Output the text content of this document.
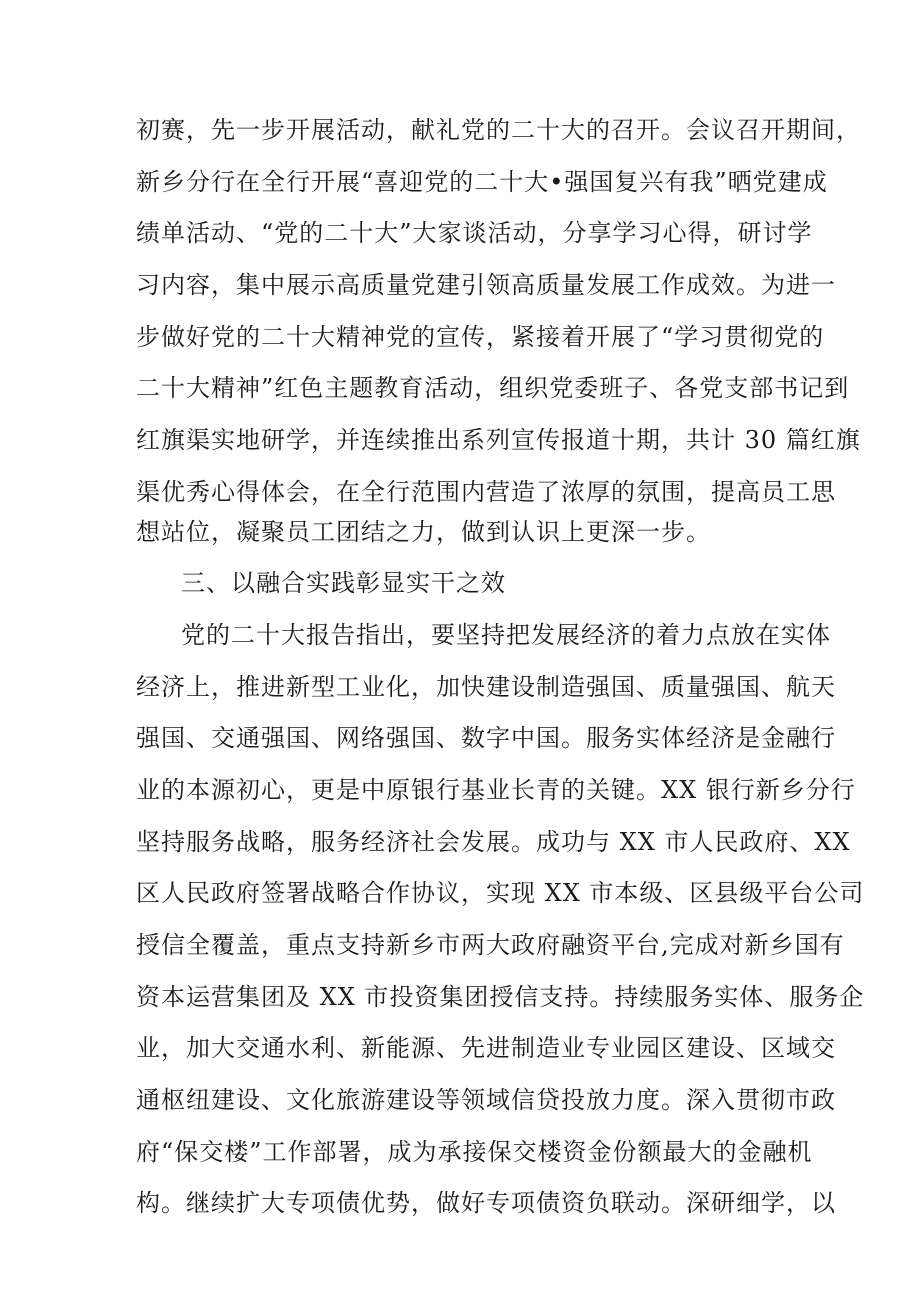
初赛，先一步开展活动，献礼党的二十大的召开。会议召开期间，
新乡分行在全行开展“喜迎党的二十大•强国复兴有我”晒党建成
绩单活动、“党的二十大”大家谈活动，分享学习心得，研讨学
习内容，集中展示高质量党建引领高质量发展工作成效。为进一
步做好党的二十大精神党的宣传，紧接着开展了“学习贯彻党的
二十大精神”红色主题教育活动，组织党委班子、各党支部书记到
红旗渠实地研学，并连续推出系列宣传报道十期，共计 30 篇红旗
渠优秀心得体会，在全行范围内营造了浓厚的氛围，提高员工思
想站位，凝聚员工团结之力，做到认识上更深一步。
三、以融合实践彰显实干之效
党的二十大报告指出，要坚持把发展经济的着力点放在实体
经济上，推进新型工业化，加快建设制造强国、质量强国、航天
强国、交通强国、网络强国、数字中国。服务实体经济是金融行
业的本源初心，更是中原银行基业长青的关键。XX 银行新乡分行
坚持服务战略，服务经济社会发展。成功与 XX 市人民政府、XX
区人民政府签署战略合作协议，实现 XX 市本级、区县级平台公司
授信全覆盖，重点支持新乡市两大政府融资平台,完成对新乡国有
资本运营集团及 XX 市投资集团授信支持。持续服务实体、服务企
业，加大交通水利、新能源、先进制造业专业园区建设、区域交
通枢纽建设、文化旅游建设等领域信贷投放力度。深入贯彻市政
府“保交楼”工作部署，成为承接保交楼资金份额最大的金融机
构。继续扩大专项债优势，做好专项债资负联动。深研细学，以
